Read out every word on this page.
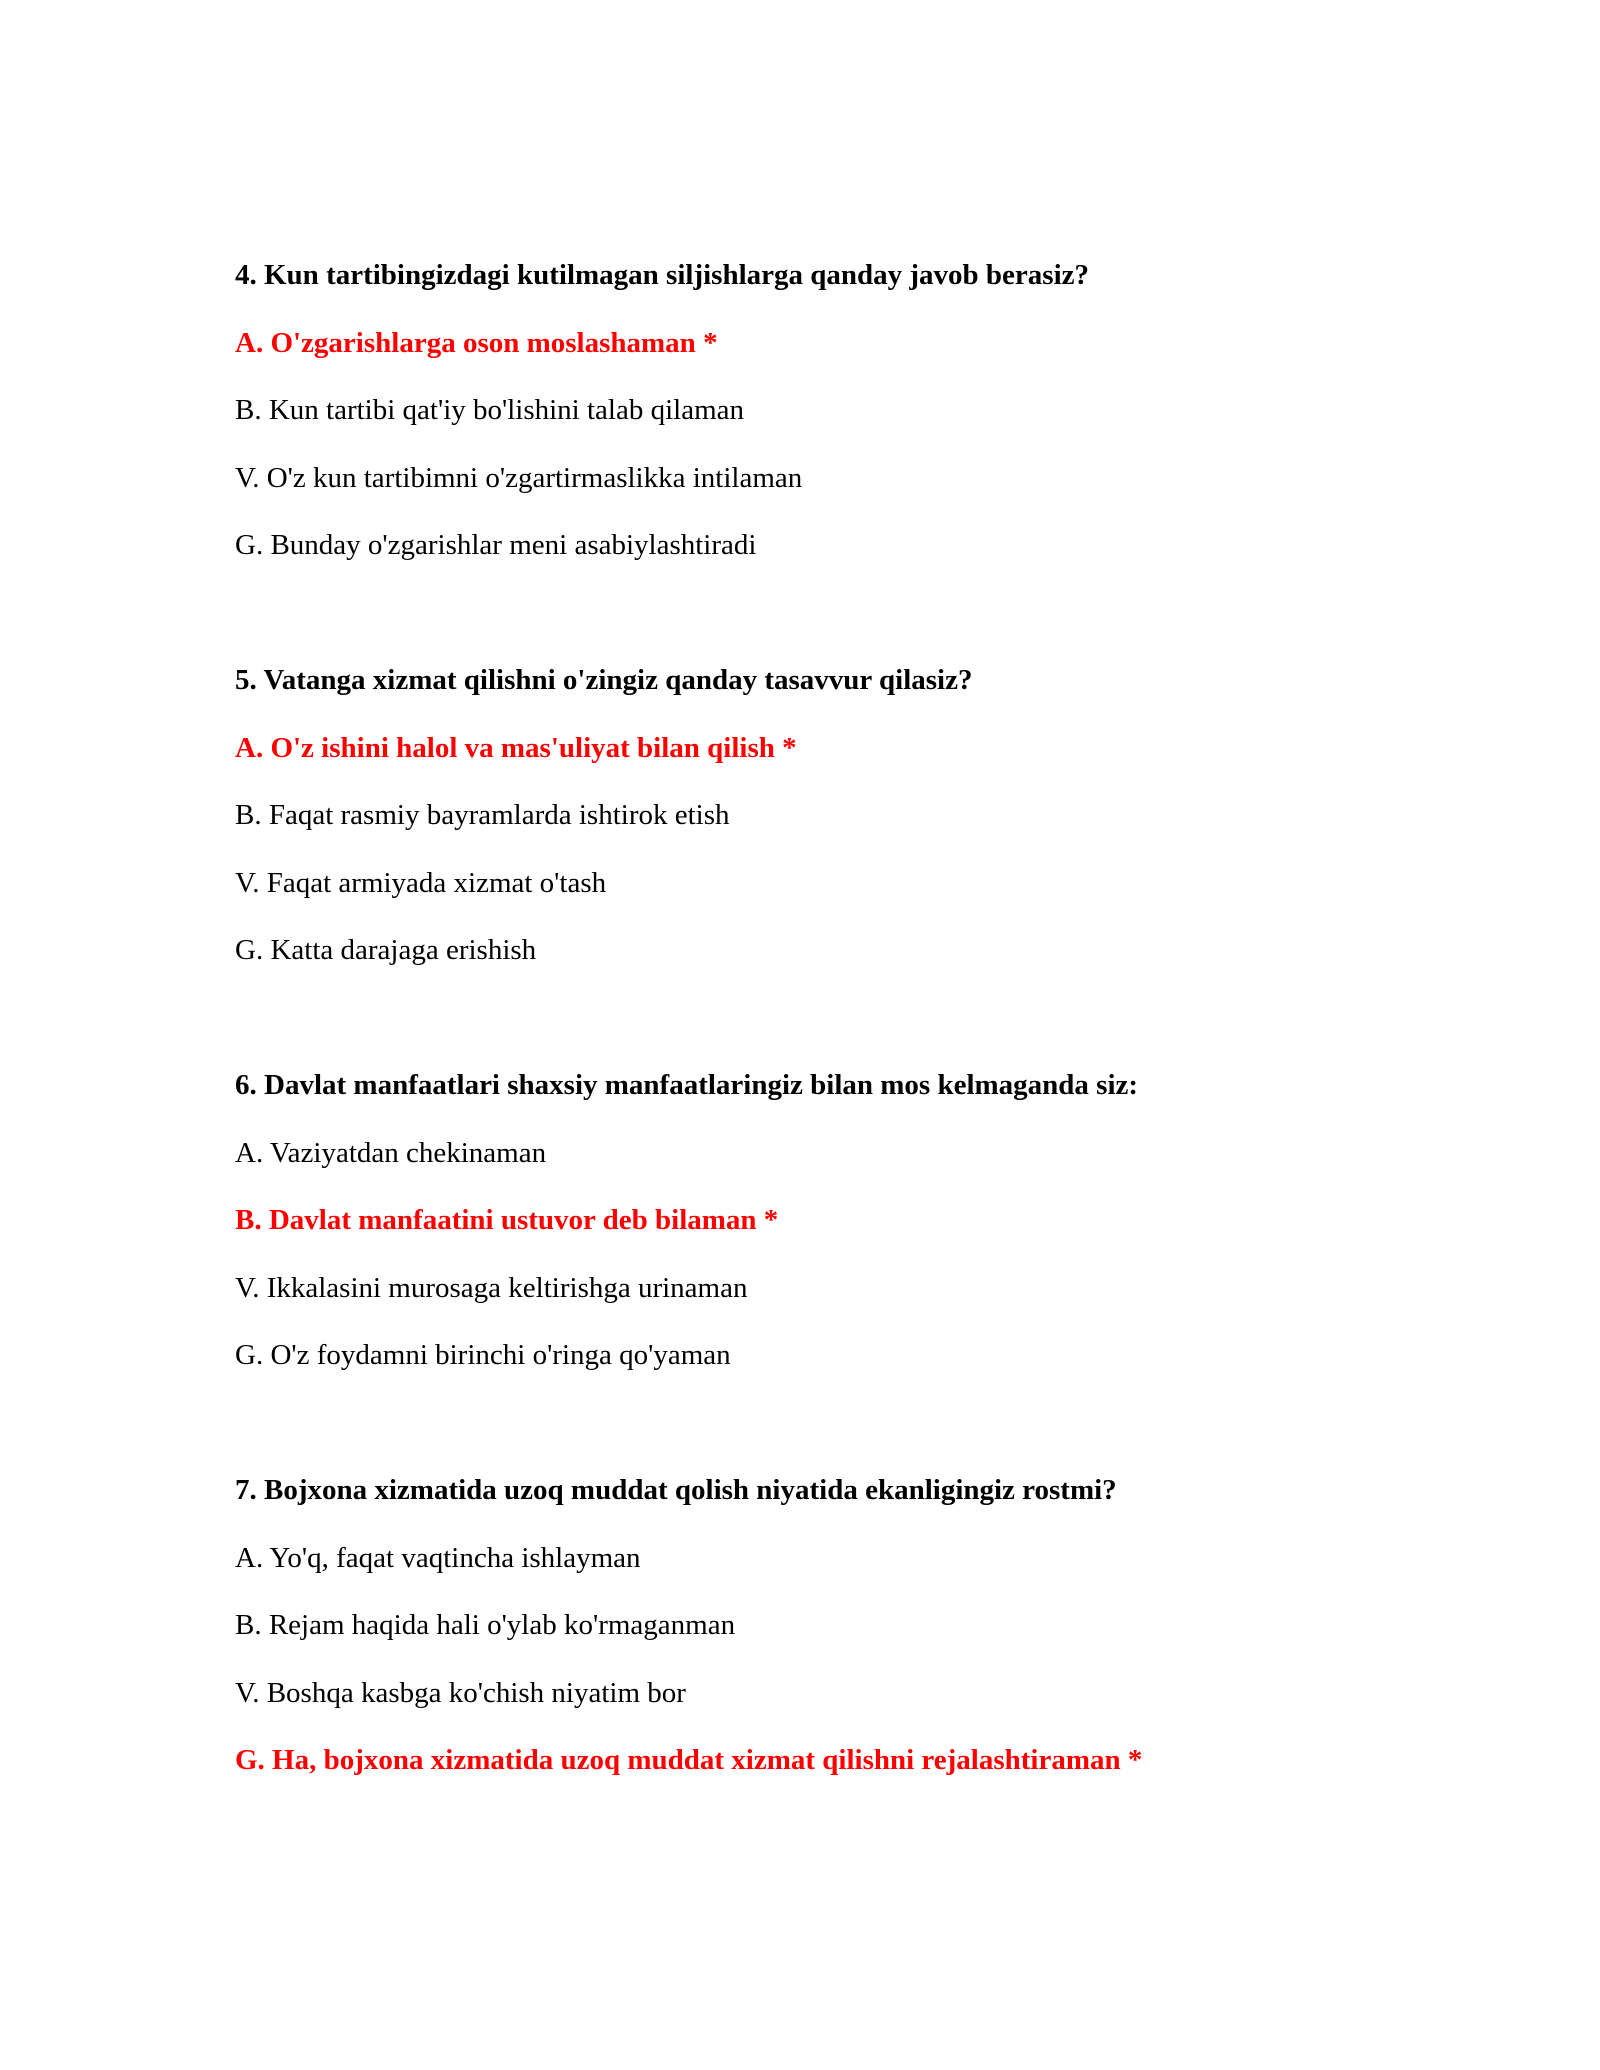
4. Kun tartibingizdagi kutilmagan siljishlarga qanday javob berasiz?
A. O'zgarishlarga oson moslashaman *
B. Kun tartibi qat'iy bo'lishini talab qilaman
V. O'z kun tartibimni o'zgartirmaslikka intilaman
G. Bunday o'zgarishlar meni asabiylashtiradi
5. Vatanga xizmat qilishni o'zingiz qanday tasavvur qilasiz?
A. O'z ishini halol va mas'uliyat bilan qilish *
B. Faqat rasmiy bayramlarda ishtirok etish
V. Faqat armiyada xizmat o'tash
G. Katta darajaga erishish
6. Davlat manfaatlari shaxsiy manfaatlaringiz bilan mos kelmaganda siz:
A. Vaziyatdan chekinaman
B. Davlat manfaatini ustuvor deb bilaman *
V. Ikkalasini murosaga keltirishga urinaman
G. O'z foydamni birinchi o'ringa qo'yaman
7. Bojxona xizmatida uzoq muddat qolish niyatida ekanligingiz rostmi?
A. Yo'q, faqat vaqtincha ishlayman
B. Rejam haqida hali o'ylab ko'rmaganman
V. Boshqa kasbga ko'chish niyatim bor
G. Ha, bojxona xizmatida uzoq muddat xizmat qilishni rejalashtiraman *
